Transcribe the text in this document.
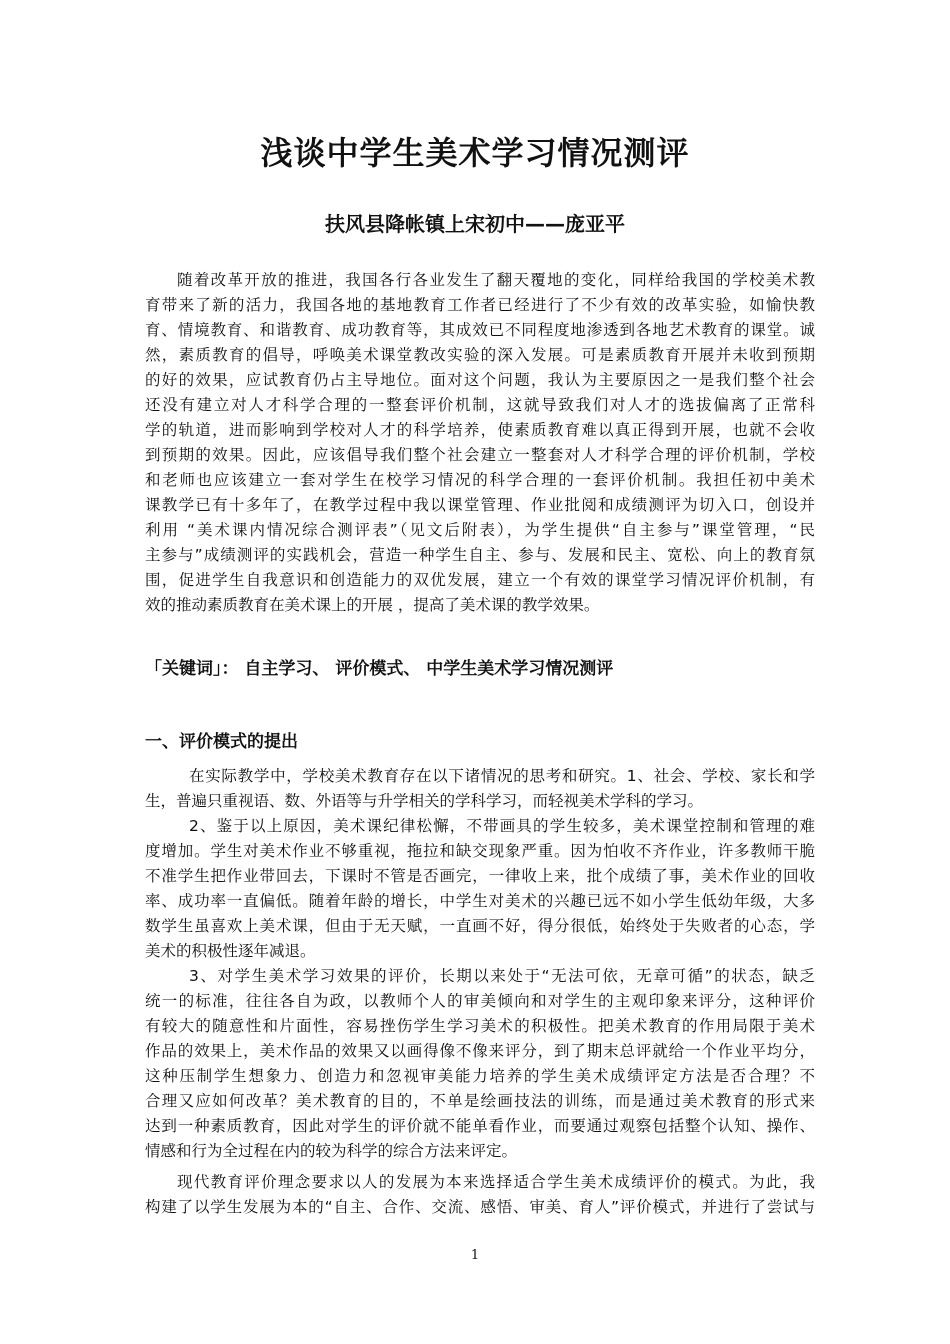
浅谈中学生美术学习情况测评
扶风县降帐镇上宋初中——庞亚平
随着改革开放的推进，我国各行各业发生了翻天覆地的变化，同样给我国的学校美术教
育带来了新的活力，我国各地的基地教育工作者已经进行了不少有效的改革实验，如愉快教
育、情境教育、和谐教育、成功教育等，其成效已不同程度地渗透到各地艺术教育的课堂。诚
然，素质教育的倡导，呼唤美术课堂教改实验的深入发展。可是素质教育开展并未收到预期
的好的效果，应试教育仍占主导地位。面对这个问题，我认为主要原因之一是我们整个社会
还没有建立对人才科学合理的一整套评价机制，这就导致我们对人才的选拔偏离了正常科
学的轨道，进而影响到学校对人才的科学培养，使素质教育难以真正得到开展，也就不会收
到预期的效果。因此，应该倡导我们整个社会建立一整套对人才科学合理的评价机制，学校
和老师也应该建立一套对学生在校学习情况的科学合理的一套评价机制。我担任初中美术
课教学已有十多年了，在教学过程中我以课堂管理、作业批阅和成绩测评为切入口，创设并
利用 “美术课内情况综合测评表”（见文后附表），为学生提供“自主参与”课堂管理，“民
主参与”成绩测评的实践机会，营造一种学生自主、参与、发展和民主、宽松、向上的教育氛
围，促进学生自我意识和创造能力的双优发展，建立一个有效的课堂学习情况评价机制，有
效的推动素质教育在美术课上的开展 ，提高了美术课的教学效果。

「关键词」： 自主学习、 评价模式、 中学生美术学习情况测评

一、评价模式的提出
在实际教学中，学校美术教育存在以下诸情况的思考和研究。1、社会、学校、家长和学
生，普遍只重视语、数、外语等与升学相关的学科学习，而轻视美术学科的学习。
2、鉴于以上原因，美术课纪律松懈，不带画具的学生较多，美术课堂控制和管理的难
度增加。学生对美术作业不够重视，拖拉和缺交现象严重。因为怕收不齐作业，许多教师干脆
不准学生把作业带回去，下课时不管是否画完，一律收上来，批个成绩了事，美术作业的回收
率、成功率一直偏低。随着年龄的增长，中学生对美术的兴趣已远不如小学生低幼年级，大多
数学生虽喜欢上美术课，但由于无天赋，一直画不好，得分很低，始终处于失败者的心态，学
美术的积极性逐年减退。
3、对学生美术学习效果的评价，长期以来处于“无法可依，无章可循”的状态，缺乏
统一的标准，往往各自为政，以教师个人的审美倾向和对学生的主观印象来评分，这种评价
有较大的随意性和片面性，容易挫伤学生学习美术的积极性。把美术教育的作用局限于美术
作品的效果上，美术作品的效果又以画得像不像来评分，到了期末总评就给一个作业平均分，
这种压制学生想象力、创造力和忽视审美能力培养的学生美术成绩评定方法是否合理？不
合理又应如何改革？美术教育的目的，不单是绘画技法的训练，而是通过美术教育的形式来
达到一种素质教育，因此对学生的评价就不能单看作业，而要通过观察包括整个认知、操作、
情感和行为全过程在内的较为科学的综合方法来评定。
现代教育评价理念要求以人的发展为本来选择适合学生美术成绩评价的模式。为此，我
构建了以学生发展为本的“自主、合作、交流、感悟、审美、育人”评价模式，并进行了尝试与
1
